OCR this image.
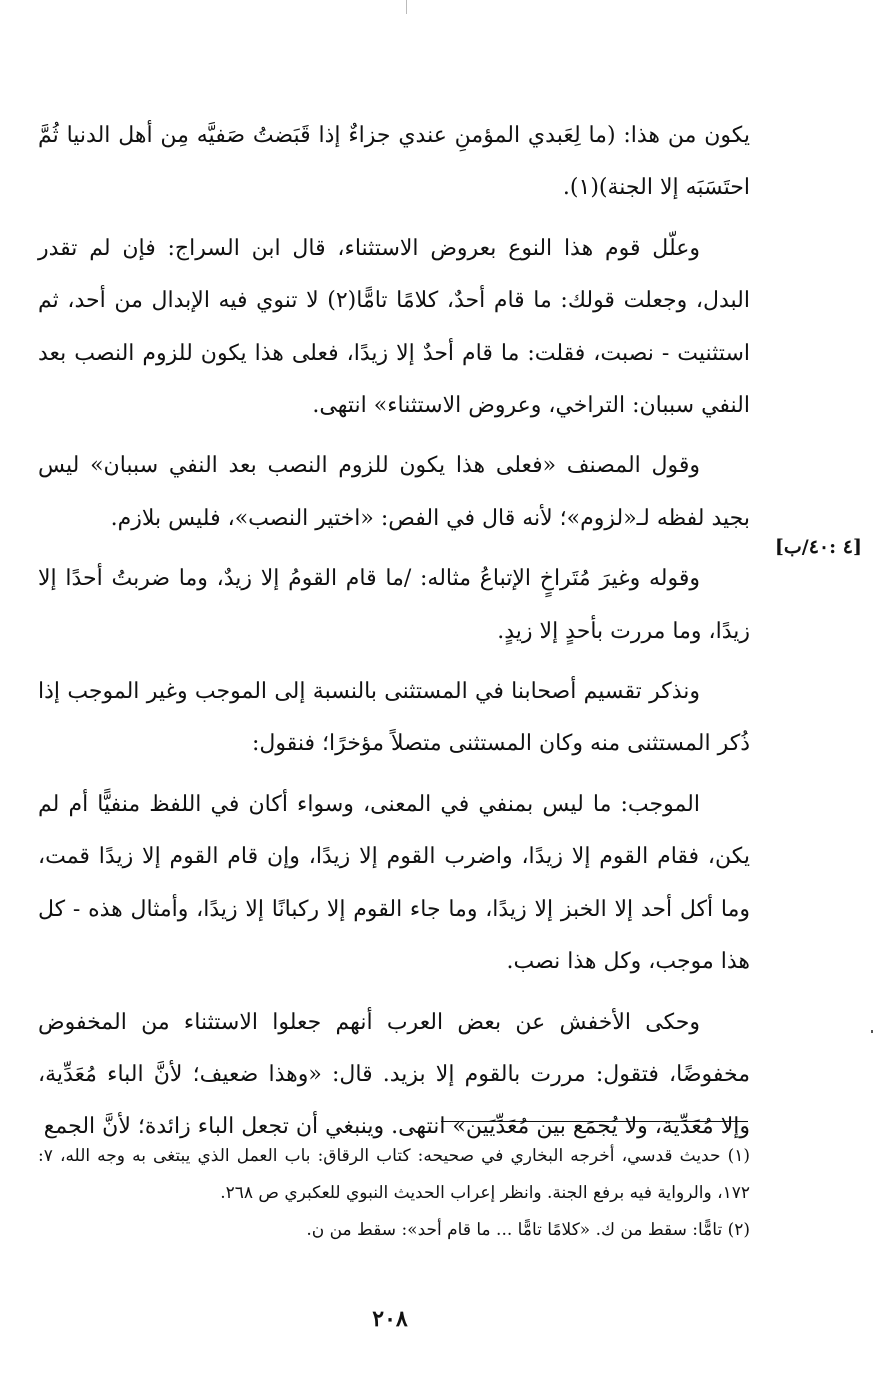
يكون من هذا: (ما لِعَبدي المؤمنِ عندي جزاءٌ إذا قَبَضتُ صَفيَّه مِن أهل الدنيا ثُمَّ احتَسَبَه إلا الجنة)(١).

وعلّل قوم هذا النوع بعروض الاستثناء، قال ابن السراج: فإن لم تقدر البدل، وجعلت قولك: ما قام أحدٌ، كلامًا تامًّا(٢) لا تنوي فيه الإبدال من أحد، ثم استثنيت - نصبت، فقلت: ما قام أحدٌ إلا زيدًا، فعلى هذا يكون للزوم النصب بعد النفي سببان: التراخي، وعروض الاستثناء» انتهى.

وقول المصنف «فعلى هذا يكون للزوم النصب بعد النفي سببان» ليس بجيد لفظه لـ«لزوم»؛ لأنه قال في الفص: «اختير النصب»، فليس بلازم.

وقوله وغيرَ مُتَراخٍ الإتباعُ مثاله: /ما قام القومُ إلا زيدٌ، وما ضربتُ أحدًا إلا زيدًا، وما مررت بأحدٍ إلا زيدٍ.

ونذكر تقسيم أصحابنا في المستثنى بالنسبة إلى الموجب وغير الموجب إذا ذُكر المستثنى منه وكان المستثنى متصلاً مؤخرًا؛ فنقول:

الموجب: ما ليس بمنفي في المعنى، وسواء أكان في اللفظ منفيًّا أم لم يكن، فقام القوم إلا زيدًا، واضرب القوم إلا زيدًا، وإن قام القوم إلا زيدًا قمت، وما أكل أحد إلا الخبز إلا زيدًا، وما جاء القوم إلا ركبانًا إلا زيدًا، وأمثال هذه - كل هذا موجب، وكل هذا نصب.

وحكى الأخفش عن بعض العرب أنهم جعلوا الاستثناء من المخفوض مخفوضًا، فتقول: مررت بالقوم إلا بزيد. قال: «وهذا ضعيف؛ لأنَّ الباء مُعَدِّية، وإلا مُعَدِّية، ولا يُجمَع بين مُعَدِّيَين» انتهى. وينبغي أن تجعل الباء زائدة؛ لأنَّ الجمع

[٤ :٤٠/ب]

(١) حديث قدسي، أخرجه البخاري في صحيحه: كتاب الرقاق: باب العمل الذي يبتغى به وجه الله، ٧: ١٧٢، والرواية فيه برفع الجنة. وانظر إعراب الحديث النبوي للعكبري ص ٢٦٨.

(٢) تامًّا: سقط من ك. «كلامًا تامًّا ... ما قام أحد»: سقط من ن.

٢٠٨
